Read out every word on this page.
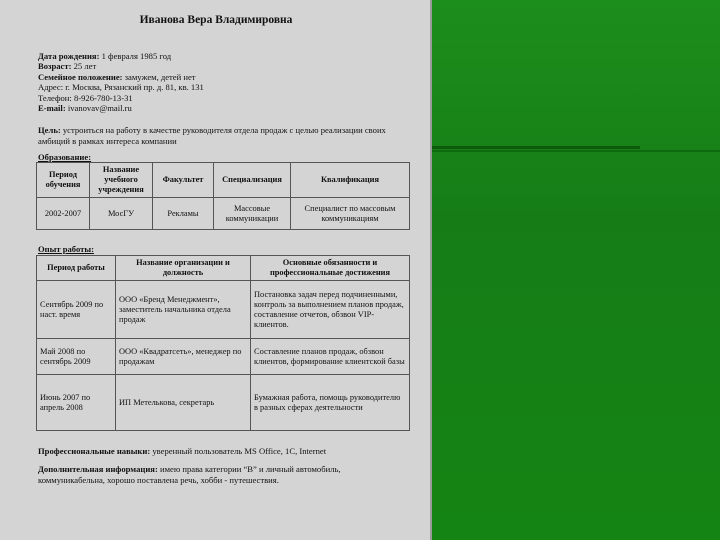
Иванова Вера Владимировна
Дата рождения: 1 февраля 1985 год
Возраст: 25 лет
Семейное положение: замужем, детей нет
Адрес: г. Москва, Рязанский пр. д. 81, кв. 131
Телефон: 8-926-780-13-31
E-mail: ivanovav@mail.ru
Цель: устроиться на работу в качестве руководителя отдела продаж с целью реализации своих амбиций в рамках интереса компании
Образование:
Период обучения	Название учебного учреждения	Факультет	Специализация	Квалификация
2002-2007	МосГУ	Рекламы	Массовые коммуникации	Специалист по массовым коммуникациям
Опыт работы:
Период работы	Название организации и должность	Основные обязанности и профессиональные достижения
Сентябрь 2009 по наст. время	ООО «Бренд Менеджмент», заместитель начальника отдела продаж	Постановка задач перед подчиненными, контроль за выполнением планов продаж, составление отчетов, обзвон VIP-клиентов.
Май 2008 по сентябрь 2009	ООО «Квадратсеть», менеджер по продажам	Составление планов продаж, обзвон клиентов, формирование клиентской базы
Июнь 2007 по апрель 2008	ИП Метелькова, секретарь	Бумажная работа, помощь руководителю в разных сферах деятельности
Профессиональные навыки: уверенный пользователь MS Office, 1С, Internet
Дополнительная информация: имею права категории “B” и личный автомобиль,
коммуникабельна, хорошо поставлена речь, хобби - путешествия.
